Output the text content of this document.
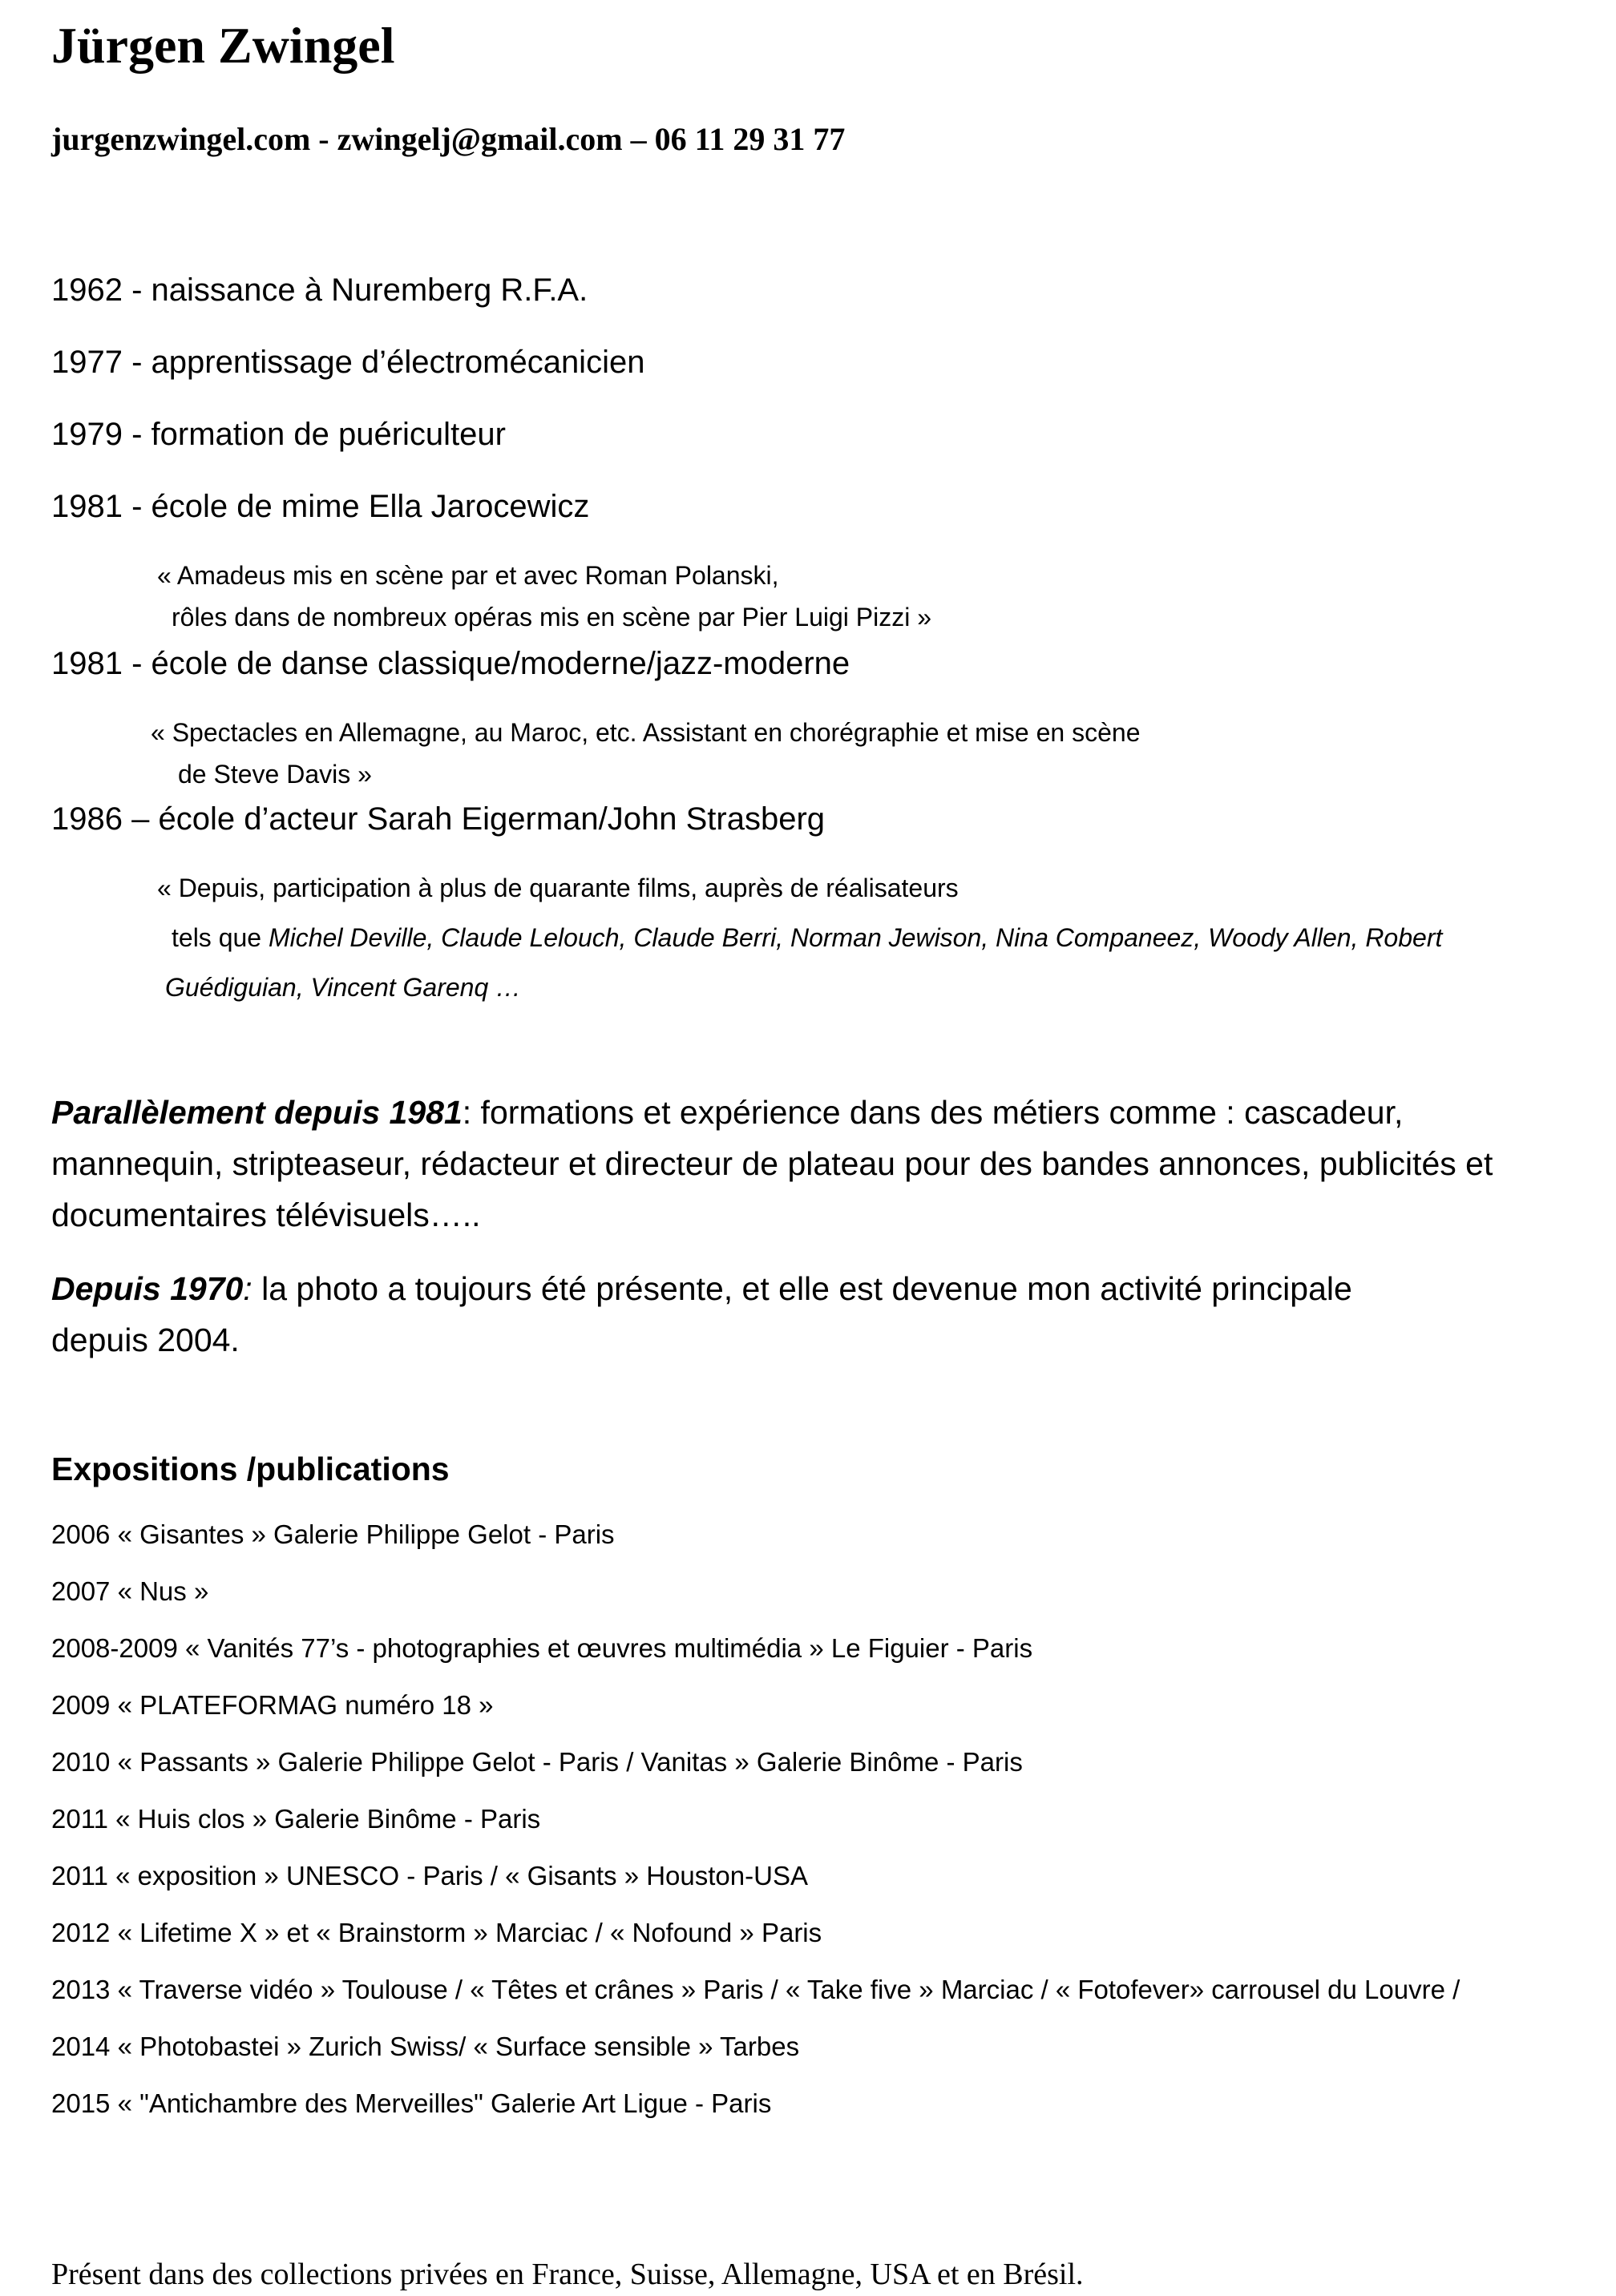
Jürgen Zwingel
jurgenzwingel.com - zwingelj@gmail.com – 06 11 29 31 77
1962 - naissance à Nuremberg R.F.A.
1977 - apprentissage d’électromécanicien
1979 - formation de puériculteur
1981 - école de mime Ella Jarocewicz
« Amadeus mis en scène par et avec Roman Polanski,
rôles dans de nombreux opéras mis en scène par Pier Luigi Pizzi »
1981 - école de danse classique/moderne/jazz-moderne
« Spectacles en Allemagne, au Maroc, etc. Assistant en chorégraphie et mise en scène
de Steve Davis »
1986 – école d’acteur Sarah Eigerman/John Strasberg
« Depuis, participation à plus de quarante films, auprès de réalisateurs
tels que Michel Deville, Claude Lelouch, Claude Berri, Norman Jewison, Nina Companeez, Woody Allen, Robert
Guédiguian, Vincent Garenq …
Parallèlement depuis 1981: formations et expérience dans des métiers comme : cascadeur, mannequin, stripteaseur, rédacteur et directeur de plateau pour des bandes annonces, publicités et documentaires télévisuels…..
Depuis 1970: la photo a toujours été présente, et elle est devenue mon activité principale
depuis 2004.
Expositions /publications
2006 « Gisantes » Galerie Philippe Gelot - Paris
2007 « Nus »
2008-2009 « Vanités 77’s - photographies et œuvres multimédia » Le Figuier - Paris
2009 « PLATEFORMAG numéro 18 »
2010 « Passants » Galerie Philippe Gelot - Paris / Vanitas » Galerie Binôme - Paris
2011 « Huis clos » Galerie Binôme - Paris
2011 « exposition » UNESCO - Paris / « Gisants » Houston-USA
2012 « Lifetime X » et « Brainstorm » Marciac / « Nofound » Paris
2013 « Traverse vidéo » Toulouse / « Têtes et crânes » Paris / « Take five » Marciac / « Fotofever» carrousel du Louvre /
2014 « Photobastei » Zurich Swiss/ « Surface sensible » Tarbes
2015 « "Antichambre des Merveilles" Galerie Art Ligue - Paris
Présent dans des collections privées en France, Suisse, Allemagne, USA et en Brésil.
